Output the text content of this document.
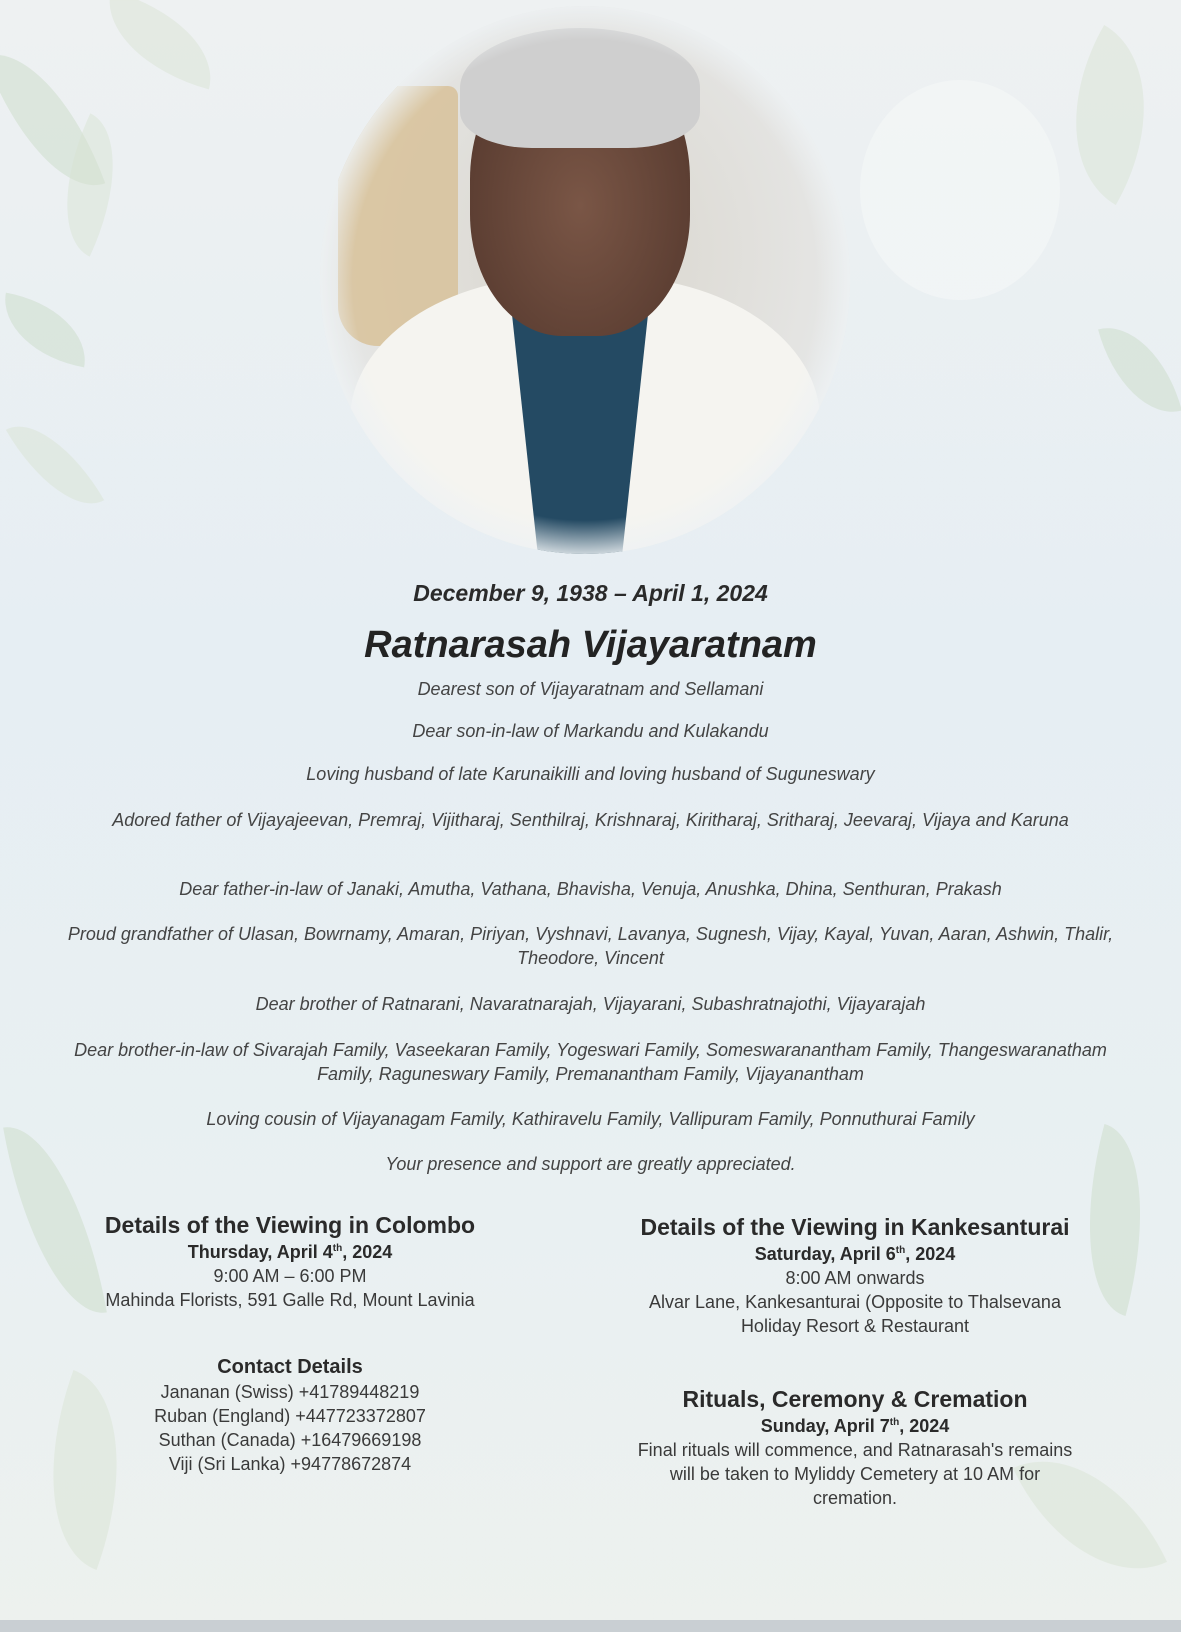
December 9, 1938 – April 1, 2024
Ratnarasah Vijayaratnam
Dearest son of Vijayaratnam and Sellamani
Dear son-in-law of Markandu and Kulakandu
Loving husband of late Karunaikilli and loving husband of Suguneswary
Adored father of Vijayajeevan, Premraj, Vijitharaj, Senthilraj, Krishnaraj, Kiritharaj, Sritharaj, Jeevaraj, Vijaya and Karuna
Dear father-in-law of Janaki, Amutha, Vathana, Bhavisha, Venuja, Anushka, Dhina, Senthuran, Prakash
Proud grandfather of Ulasan, Bowrnamy, Amaran, Piriyan, Vyshnavi, Lavanya, Sugnesh, Vijay, Kayal, Yuvan, Aaran, Ashwin, Thalir, Theodore, Vincent
Dear brother of Ratnarani, Navaratnarajah, Vijayarani, Subashratnajothi, Vijayarajah
Dear brother-in-law of Sivarajah Family, Vaseekaran Family, Yogeswari Family, Someswaranantham Family, Thangeswaranatham Family, Raguneswary Family, Premanantham Family, Vijayanantham
Loving cousin of Vijayanagam Family, Kathiravelu Family, Vallipuram Family, Ponnuthurai Family
Your presence and support are greatly appreciated.
Details of the Viewing in Colombo
Thursday, April 4th, 2024
9:00 AM – 6:00 PM
Mahinda Florists, 591 Galle Rd, Mount Lavinia
Contact Details
Jananan (Swiss) +41789448219
Ruban (England) +447723372807
Suthan (Canada) +16479669198
Viji (Sri Lanka) +94778672874
Details of the Viewing in Kankesanturai
Saturday, April 6th, 2024
8:00 AM onwards
Alvar Lane, Kankesanturai (Opposite to Thalsevana
Holiday Resort & Restaurant
Rituals, Ceremony & Cremation
Sunday, April 7th, 2024
Final rituals will commence, and Ratnarasah's remains
will be taken to Myliddy Cemetery at 10 AM for
cremation.
